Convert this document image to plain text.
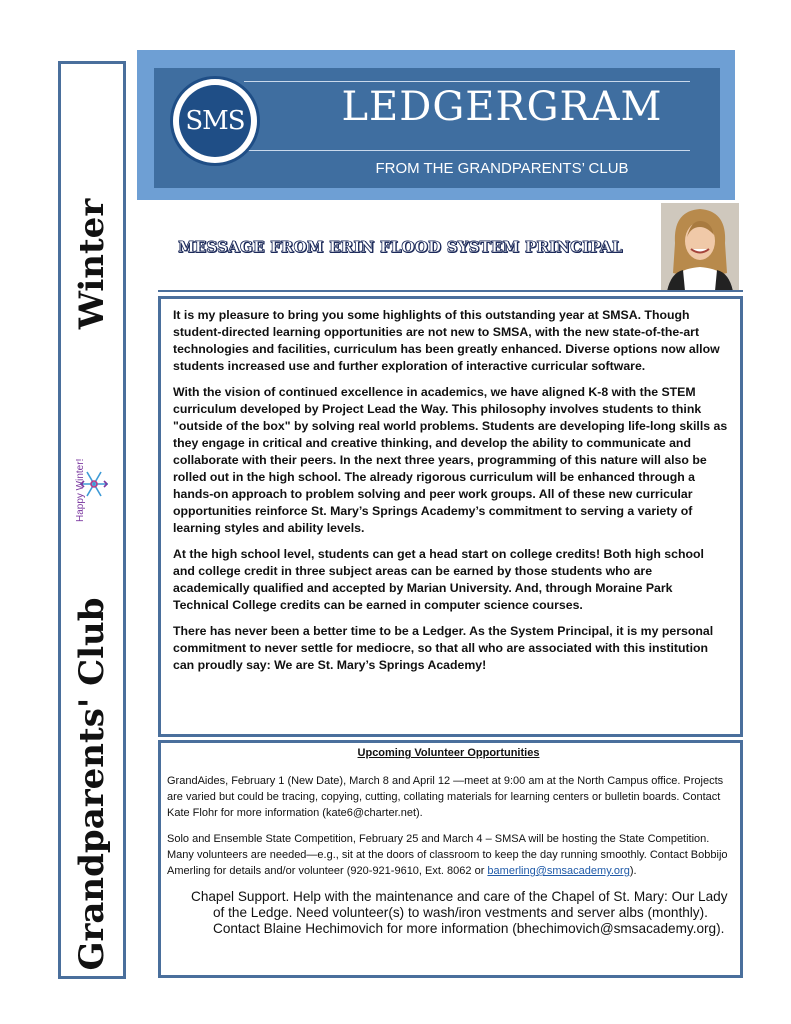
Winter
Happy Winter!
Grandparents' Club
SMS	LEDGERGRAM
FROM THE GRANDPARENTS’ CLUB
MESSAGE FROM ERIN FLOOD SYSTEM PRINCIPAL

It is my pleasure to bring you some highlights of this outstanding year at SMSA. Though student-directed learning opportunities are not new to SMSA, with the new state-of-the-art technologies and facilities, curriculum has been greatly enhanced. Diverse options now allow students increased use and further exploration of interactive curricular software.

With the vision of continued excellence in academics, we have aligned K-8 with the STEM curriculum developed by Project Lead the Way. This philosophy involves students to think "outside of the box" by solving real world problems. Students are developing life-long skills as they engage in critical and creative thinking, and develop the ability to communicate and collaborate with their peers. In the next three years, programming of this nature will also be rolled out in the high school. The already rigorous curriculum will be enhanced through a hands-on approach to problem solving and peer work groups. All of these new curricular opportunities reinforce St. Mary’s Springs Academy’s commitment to serving a variety of learning styles and ability levels.

At the high school level, students can get a head start on college credits! Both high school and college credit in three subject areas can be earned by those students who are academically qualified and accepted by Marian University. And, through Moraine Park Technical College credits can be earned in computer science courses.

There has never been a better time to be a Ledger. As the System Principal, it is my personal commitment to never settle for mediocre, so that all who are associated with this institution can proudly say: We are St. Mary’s Springs Academy!

Upcoming Volunteer Opportunities

GrandAides, February 1 (New Date), March 8 and April 12 —meet at 9:00 am at the North Campus office. Projects are varied but could be tracing, copying, cutting, collating materials for learning centers or bulletin boards. Contact Kate Flohr for more information (kate6@charter.net).

Solo and Ensemble State Competition, February 25 and March 4 – SMSA will be hosting the State Competition. Many volunteers are needed—e.g., sit at the doors of classroom to keep the day running smoothly. Contact Bobbijo Amerling for details and/or volunteer (920-921-9610, Ext. 8062 or bamerling@smsacademy.org).

Chapel Support. Help with the maintenance and care of the Chapel of St. Mary: Our Lady of the Ledge. Need volunteer(s) to wash/iron vestments and server albs (monthly). Contact Blaine Hechimovich for more information (bhechimovich@smsacademy.org).
